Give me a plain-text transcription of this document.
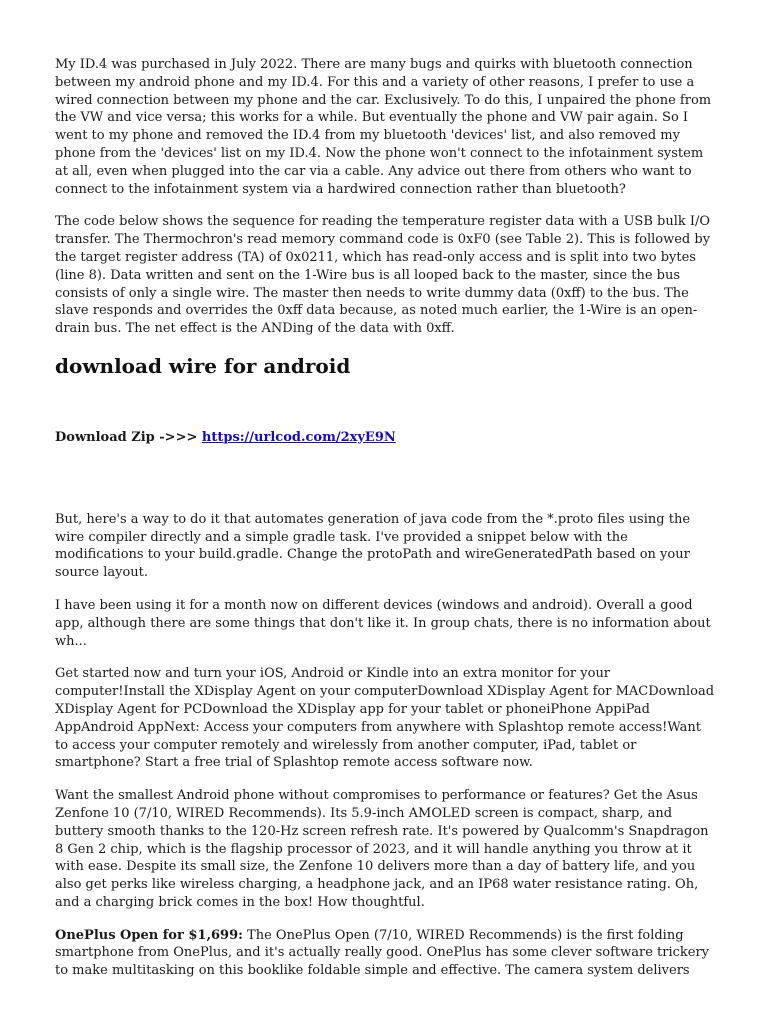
My ID.4 was purchased in July 2022. There are many bugs and quirks with bluetooth connection between my android phone and my ID.4. For this and a variety of other reasons, I prefer to use a wired connection between my phone and the car. Exclusively. To do this, I unpaired the phone from the VW and vice versa; this works for a while. But eventually the phone and VW pair again. So I went to my phone and removed the ID.4 from my bluetooth 'devices' list, and also removed my phone from the 'devices' list on my ID.4. Now the phone won't connect to the infotainment system at all, even when plugged into the car via a cable. Any advice out there from others who want to connect to the infotainment system via a hardwired connection rather than bluetooth?

The code below shows the sequence for reading the temperature register data with a USB bulk I/O transfer. The Thermochron's read memory command code is 0xF0 (see Table 2). This is followed by the target register address (TA) of 0x0211, which has read-only access and is split into two bytes (line 8). Data written and sent on the 1-Wire bus is all looped back to the master, since the bus consists of only a single wire. The master then needs to write dummy data (0xff) to the bus. The slave responds and overrides the 0xff data because, as noted much earlier, the 1-Wire is an open-drain bus. The net effect is the ANDing of the data with 0xff.

download wire for android
Download Zip ->>> https://urlcod.com/2xyE9N

But, here's a way to do it that automates generation of java code from the *.proto files using the wire compiler directly and a simple gradle task. I've provided a snippet below with the modifications to your build.gradle. Change the protoPath and wireGeneratedPath based on your source layout.

I have been using it for a month now on different devices (windows and android). Overall a good app, although there are some things that don't like it. In group chats, there is no information about wh...

Get started now and turn your iOS, Android or Kindle into an extra monitor for your computer!Install the XDisplay Agent on your computerDownload XDisplay Agent for MACDownload XDisplay Agent for PCDownload the XDisplay app for your tablet or phoneiPhone AppiPad AppAndroid AppNext: Access your computers from anywhere with Splashtop remote access!Want to access your computer remotely and wirelessly from another computer, iPad, tablet or smartphone? Start a free trial of Splashtop remote access software now.

Want the smallest Android phone without compromises to performance or features? Get the Asus Zenfone 10 (7/10, WIRED Recommends). Its 5.9-inch AMOLED screen is compact, sharp, and buttery smooth thanks to the 120-Hz screen refresh rate. It's powered by Qualcomm's Snapdragon 8 Gen 2 chip, which is the flagship processor of 2023, and it will handle anything you throw at it with ease. Despite its small size, the Zenfone 10 delivers more than a day of battery life, and you also get perks like wireless charging, a headphone jack, and an IP68 water resistance rating. Oh, and a charging brick comes in the box! How thoughtful.

OnePlus Open for $1,699: The OnePlus Open (7/10, WIRED Recommends) is the first folding smartphone from OnePlus, and it's actually really good. OnePlus has some clever software trickery to make multitasking on this booklike foldable simple and effective. The camera system delivers
